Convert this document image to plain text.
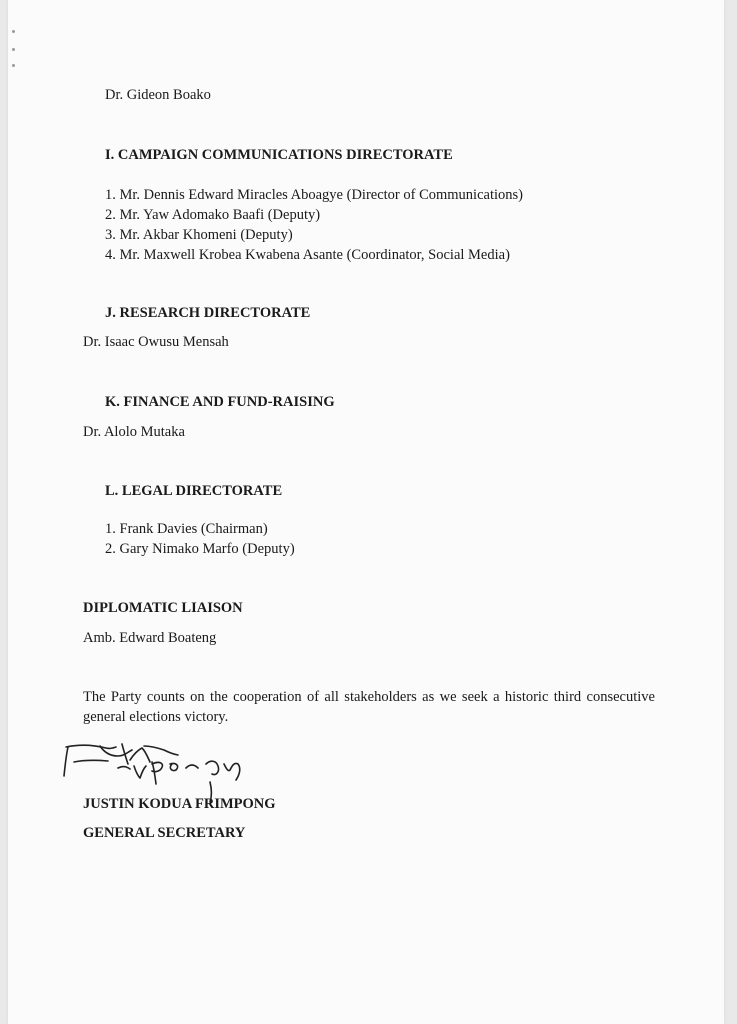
Dr. Gideon Boako
I. CAMPAIGN COMMUNICATIONS DIRECTORATE
1. Mr. Dennis Edward Miracles Aboagye (Director of Communications)
2. Mr. Yaw Adomako Baafi (Deputy)
3. Mr. Akbar Khomeni (Deputy)
4. Mr. Maxwell Krobea Kwabena Asante (Coordinator, Social Media)
J. RESEARCH DIRECTORATE
Dr. Isaac Owusu Mensah
K. FINANCE AND FUND-RAISING
Dr. Alolo Mutaka
L. LEGAL DIRECTORATE
1. Frank Davies (Chairman)
2. Gary Nimako Marfo (Deputy)
DIPLOMATIC LIAISON
Amb. Edward Boateng
The Party counts on the cooperation of all stakeholders as we seek a historic third consecutive general elections victory.
JUSTIN KODUA FRIMPONG
GENERAL SECRETARY
